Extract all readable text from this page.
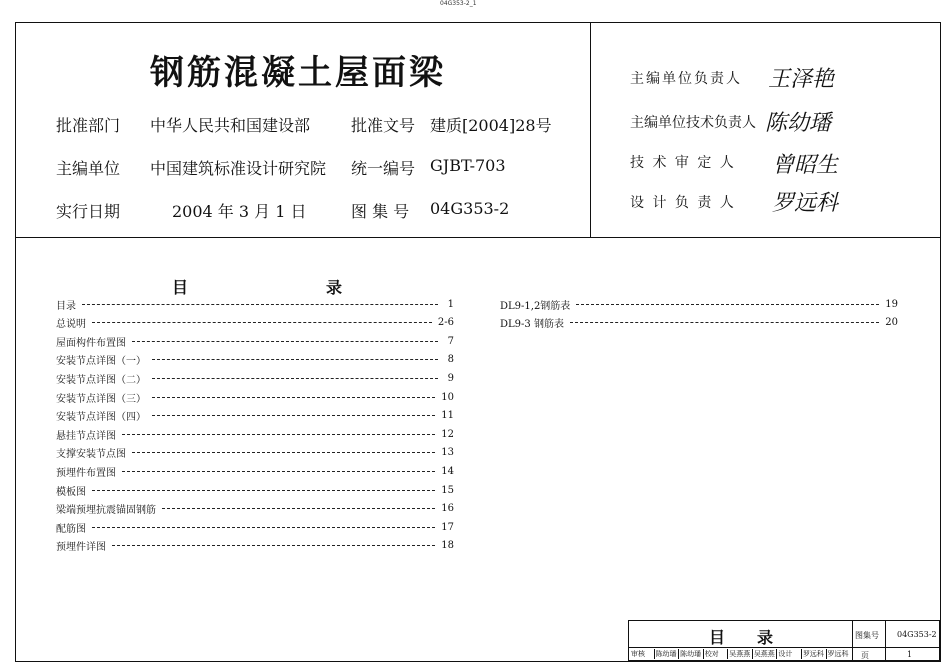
04G353-2_1
钢筋混凝土屋面梁
批准部门 中华人民共和国建设部
主编单位 中国建筑标准设计研究院
实行日期	2004 年 3 月 1 日
批准文号 建质[2004]28号
统一编号 GJBT-703
图 集 号 04G353-2
主编单位负责人 王泽艳
主编单位技术负责人 陈幼璠
技 术 审 定 人 曾昭生
设 计 负 责 人 罗远科
目	录
目录	1
总说明	2-6
屋面构件布置图	7
安装节点详图（一）	8
安装节点详图（二）	9
安装节点详图（三）	10
安装节点详图（四）	11
悬挂节点详图	12
支撑安装节点图	13
预埋件布置图	14
模板图	15
梁端预埋抗震锚固钢筋	16
配筋图	17
预埋件详图	18
DL9-1,2钢筋表	19
DL9-3 钢筋表	20
目 录	图集号 04G353-2
页	1
审核	陈幼璠 陈幼璠 校对	吴燕燕 吴燕燕 设计	罗远科 罗远科
